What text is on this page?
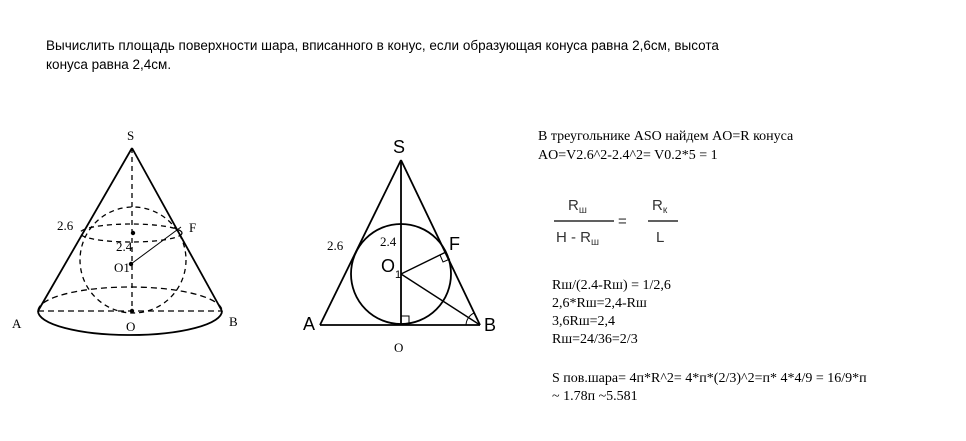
Вычислить площадь поверхности шара, вписанного в конус, если образующая конуса равна 2,6см, высота
конуса равна 2,4см.
S
A	B
O
O1
F
2.6
2.4
S
A	B
O
$O_1$
F
2.6	2.4
В треугольнике ASO найдем AO=R конуса
AO=V2.6^2-2.4^2= V0.2*5 = 1
$R_ш$
H - $R_ш$
=
$R_к$
L
Rш/(2.4-Rш) = 1/2,6
2,6*Rш=2,4-Rш
3,6Rш=2,4
Rш=24/36=2/3
S пов.шара= 4п*R^2= 4*п*(2/3)^2=п* 4*4/9 = 16/9*п
~ 1.78п ~5.581
